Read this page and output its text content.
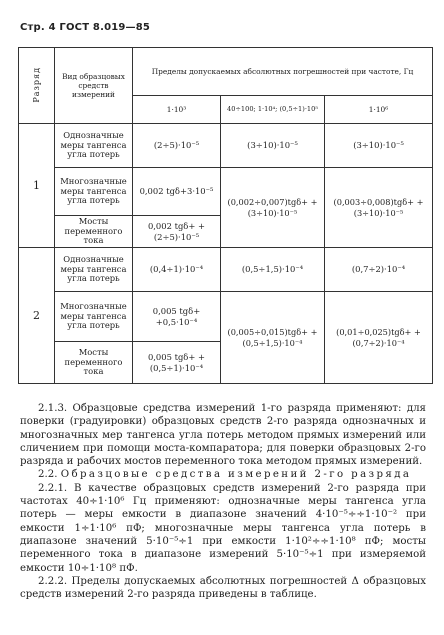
Стр. 4 ГОСТ 8.019—85
Разряд	Вид образцовых средств измерений	Пределы допускаемых абсолютных погрешностей при частоте, Гц		
		1·10³	40÷100; 1·10⁴; (0,5÷1)·10⁵	1·10⁶
1	Однозначные меры тангенса угла потерь	(2÷5)·10⁻⁵	(3÷10)·10⁻⁵	(3÷10)·10⁻⁵
	Многозначные меры тангенса угла потерь	0,002 tgδ+3·10⁻⁵	(0,002÷0,007)tgδ+ +(3÷10)·10⁻⁵	(0,003÷0,008)tgδ+ +(3÷10)·10⁻⁵
	Мосты переменного тока	0,002 tgδ+ +(2÷5)·10⁻⁵		
2	Однозначные меры тангенса угла потерь	(0,4÷1)·10⁻⁴	(0,5÷1,5)·10⁻⁴	(0,7÷2)·10⁻⁴
	Многозначные меры тангенса угла потерь	0,005 tgδ+ +0,5·10⁻⁴	(0,005÷0,015)tgδ+ +(0,5÷1,5)·10⁻⁴	(0,01÷0,025)tgδ+ +(0,7÷2)·10⁻⁴
	Мосты переменного тока	0,005 tgδ+ +(0,5÷1)·10⁻⁴		

2.1.3. Образцовые средства измерений 1-го разряда применяют: для поверки (градуировки) образцовых средств 2-го разряда однозначных и многозначных мер тангенса угла потерь методом прямых измерений или сличением при помощи моста-компаратора; для поверки образцовых 2-го разряда и рабочих мостов переменного тока методом прямых измерений.

2.2. Образцовые средства измерений 2-го разряда

2.2.1. В качестве образцовых средств измерений 2-го разряда при частотах 40÷1·10⁶ Гц применяют: однозначные меры тангенса угла потерь — меры емкости в диапазоне значений 4·10⁻⁵÷÷1·10⁻² при емкости 1÷1·10⁶ пФ; многозначные меры тангенса угла потерь в диапазоне значений 5·10⁻⁵÷1 при емкости 1·10²÷÷1·10⁸ пФ; мосты переменного тока в диапазоне измерений 5·10⁻⁵÷1 при измеряемой емкости 10÷1·10⁸ пФ.

2.2.2. Пределы допускаемых абсолютных погрешностей Δ образцовых средств измерений 2-го разряда приведены в таблице.
